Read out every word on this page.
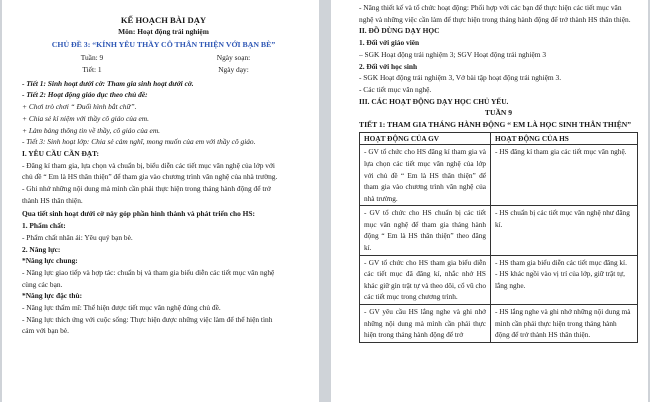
KẾ HOẠCH BÀI DẠY
Môn: Hoạt động trải nghiệm
CHỦ ĐỀ 3: “KÍNH YÊU THẦY CÔ THÂN THIỆN VỚI BẠN BÈ”
Tuần: 9	Ngày soạn:
Tiết: 1	Ngày dạy:
- Tiết 1: Sinh hoạt dưới cờ: Tham gia sinh hoạt dưới cờ.
- Tiết 2: Hoạt động giáo dục theo chủ đề:
+ Chơi trò chơi “ Đuổi hình bắt chữ”.
+ Chia sẻ kỉ niệm với thầy cô giáo của em.
+ Làm bảng thông tin về thầy, cô giáo của em.
- Tiết 3: Sinh hoạt lớp: Chia sẻ cảm nghĩ, mong muốn của em với thầy cô giáo.
I. YÊU CẦU CẦN ĐẠT:
- Đăng kí tham gia, lựa chọn và chuẩn bị, biểu diễn các tiết mục văn nghệ của lớp với
chủ đề “ Em là HS thân thiện” để tham gia vào chương trình văn nghệ của nhà trường.
- Ghi nhớ những nội dung mà mình cần phải thực hiện trong tháng hành động để trở
thành HS thân thiện.
Qua tiết sinh hoạt dưới cờ này góp phần hình thành và phát triển cho HS:
1. Phẩm chất:
- Phẩm chất nhân ái: Yêu quý bạn bè.
2. Năng lực:
*Năng lực chung:
- Năng lực giao tiếp và hợp tác: chuẩn bị và tham gia biểu diễn các tiết mục văn nghệ
cùng các bạn.
*Năng lực đặc thù:
- Năng lực thẩm mĩ: Thể hiện được tiết mục văn nghệ đúng chủ đề.
- Năng lực thích ứng với cuộc sống: Thực hiện được những việc làm để thể hiện tình
cảm với bạn bè.
- Năng thiết kế và tổ chức hoạt động: Phối hợp với các bạn để thực hiện các tiết mục văn
nghệ và những việc cần làm để thực hiện trong tháng hành động để trở thành HS thân thiện.
II. ĐỒ DÙNG DẠY HỌC
1. Đối với giáo viên
– SGK Hoạt động trải nghiệm 3; SGV Hoạt động trải nghiệm 3
2. Đối với học sinh
- SGK Hoạt động trải nghiệm 3, Vở bài tập hoạt động trải nghiệm 3.
- Các tiết mục văn nghệ.
III. CÁC HOẠT ĐỘNG DẠY HỌC CHỦ YẾU.
TUẦN 9
TIẾT 1: THAM GIA THÁNG HÀNH ĐỘNG “ EM LÀ HỌC SINH THÂN THIỆN”
HOẠT ĐỘNG CỦA GV	HOẠT ĐỘNG CỦA HS

- GV tổ chức cho HS đăng kí tham gia và lựa chọn các tiết mục văn nghệ của lớp với chủ đề “ Em là HS thân thiện” để tham gia vào chương trình văn nghệ của nhà trường.	- HS đăng kí tham gia các tiết mục văn nghệ.

- GV tổ chức cho HS chuẩn bị các tiết mục văn nghệ để tham gia tháng hành động “ Em là HS thân thiện” theo đăng kí.	- HS chuẩn bị các tiết mục văn nghệ như đăng kí.

- GV tổ chức cho HS tham gia biểu diễn các tiết mục đã đăng kí, nhắc nhở HS khác giữ gìn trật tự và theo dõi, cổ vũ cho các tiết mục trong chương trình.	- HS tham gia biểu diễn các tiết mục đăng kí.
- HS khác ngồi vào vị trí của lớp, giữ trật tự, lắng nghe.

- GV yêu cầu HS lắng nghe và ghi nhớ những nội dung mà mình cần phải thực hiện trong tháng hành động để trở	- HS lắng nghe và ghi nhớ những nội dung mà mình cần phải thực hiện trong tháng hành động để trở thành HS thân thiện.
